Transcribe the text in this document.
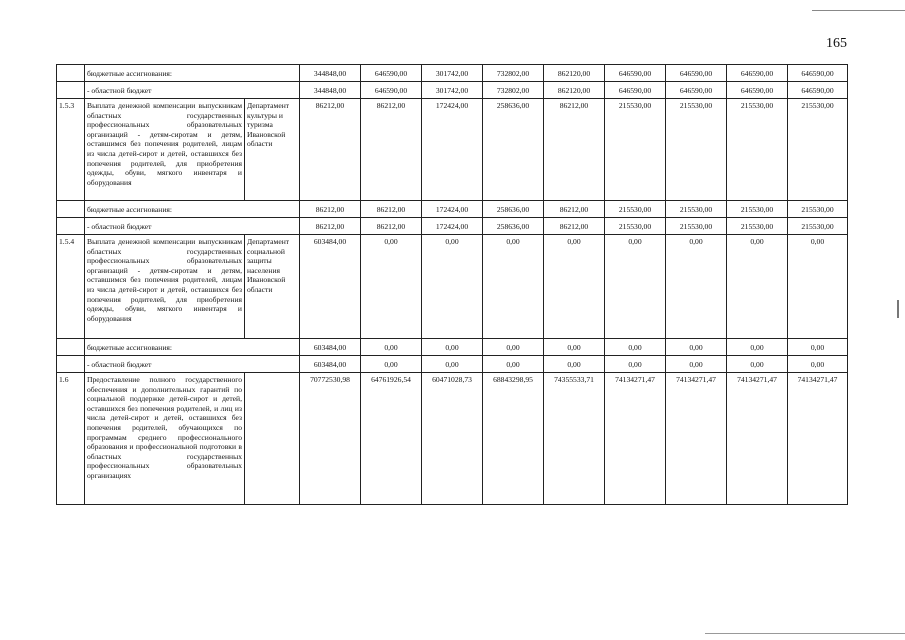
165
	бюджетные ассигнования:		344848,00	646590,00	301742,00	732802,00	862120,00	646590,00	646590,00	646590,00	646590,00
	- областной бюджет		344848,00	646590,00	301742,00	732802,00	862120,00	646590,00	646590,00	646590,00	646590,00
1.5.3	Выплата денежной компенсации выпускникам областных государственных профессиональных образовательных организаций - детям-сиротам и детям, оставшимся без попечения родителей, лицам из числа детей-сирот и детей, оставшихся без попечения родителей, для приобретения одежды, обуви, мягкого инвентаря и оборудования	Департамент культуры и туризма Ивановской области	86212,00	86212,00	172424,00	258636,00	86212,00	215530,00	215530,00	215530,00	215530,00
	бюджетные ассигнования:		86212,00	86212,00	172424,00	258636,00	86212,00	215530,00	215530,00	215530,00	215530,00
	- областной бюджет		86212,00	86212,00	172424,00	258636,00	86212,00	215530,00	215530,00	215530,00	215530,00
1.5.4	Выплата денежной компенсации выпускникам областных государственных профессиональных образовательных организаций - детям-сиротам и детям, оставшимся без попечения родителей, лицам из числа детей-сирот и детей, оставшихся без попечения родителей, для приобретения одежды, обуви, мягкого инвентаря и оборудования	Департамент социальной защиты населения Ивановской области	603484,00	0,00	0,00	0,00	0,00	0,00	0,00	0,00	0,00
	бюджетные ассигнования:		603484,00	0,00	0,00	0,00	0,00	0,00	0,00	0,00	0,00
	- областной бюджет		603484,00	0,00	0,00	0,00	0,00	0,00	0,00	0,00	0,00
1.6	Предоставление полного государственного обеспечения и дополнительных гарантий по социальной поддержке детей-сирот и детей, оставшихся без попечения родителей, и лиц из числа детей-сирот и детей, оставшихся без попечения родителей, обучающихся по программам среднего профессионального образования и профессиональной подготовки в областных государственных профессиональных образовательных организациях		70772530,98	64761926,54	60471028,73	68843298,95	74355533,71	74134271,47	74134271,47	74134271,47	74134271,47
